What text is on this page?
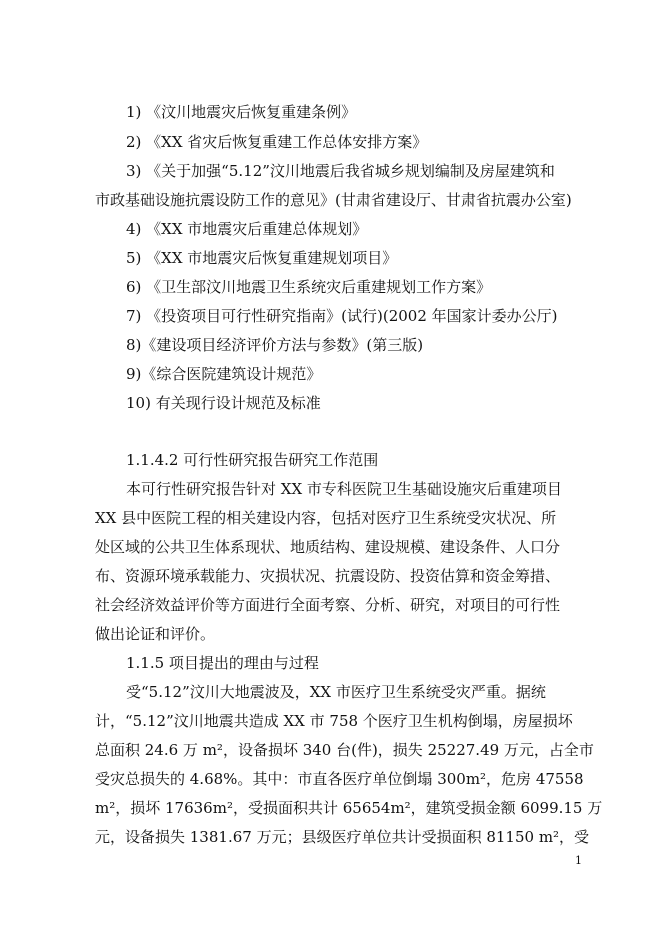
1) 《汶川地震灾后恢复重建条例》
2) 《XX 省灾后恢复重建工作总体安排方案》
3) 《关于加强“5.12”汶川地震后我省城乡规划编制及房屋建筑和
市政基础设施抗震设防工作的意见》(甘肃省建设厅、甘肃省抗震办公室)
4) 《XX 市地震灾后重建总体规划》
5) 《XX 市地震灾后恢复重建规划项目》
6) 《卫生部汶川地震卫生系统灾后重建规划工作方案》
7) 《投资项目可行性研究指南》(试行)(2002 年国家计委办公厅)
8)《建设项目经济评价方法与参数》(第三版)
9)《综合医院建筑设计规范》
10) 有关现行设计规范及标准
1.1.4.2 可行性研究报告研究工作范围
本可行性研究报告针对 XX 市专科医院卫生基础设施灾后重建项目
XX 县中医院工程的相关建设内容，包括对医疗卫生系统受灾状况、所
处区域的公共卫生体系现状、地质结构、建设规模、建设条件、人口分
布、资源环境承载能力、灾损状况、抗震设防、投资估算和资金筹措、
社会经济效益评价等方面进行全面考察、分析、研究，对项目的可行性
做出论证和评价。
1.1.5 项目提出的理由与过程
受“5.12”汶川大地震波及，XX 市医疗卫生系统受灾严重。据统
计，“5.12”汶川地震共造成 XX 市 758 个医疗卫生机构倒塌，房屋损坏
总面积 24.6 万 m²，设备损坏 340 台(件)，损失 25227.49 万元，占全市
受灾总损失的 4.68%。其中：市直各医疗单位倒塌 300m²，危房 47558
m²，损坏 17636m²，受损面积共计 65654m²，建筑受损金额 6099.15 万
元，设备损失 1381.67 万元；县级医疗单位共计受损面积 81150 m²，受
1
